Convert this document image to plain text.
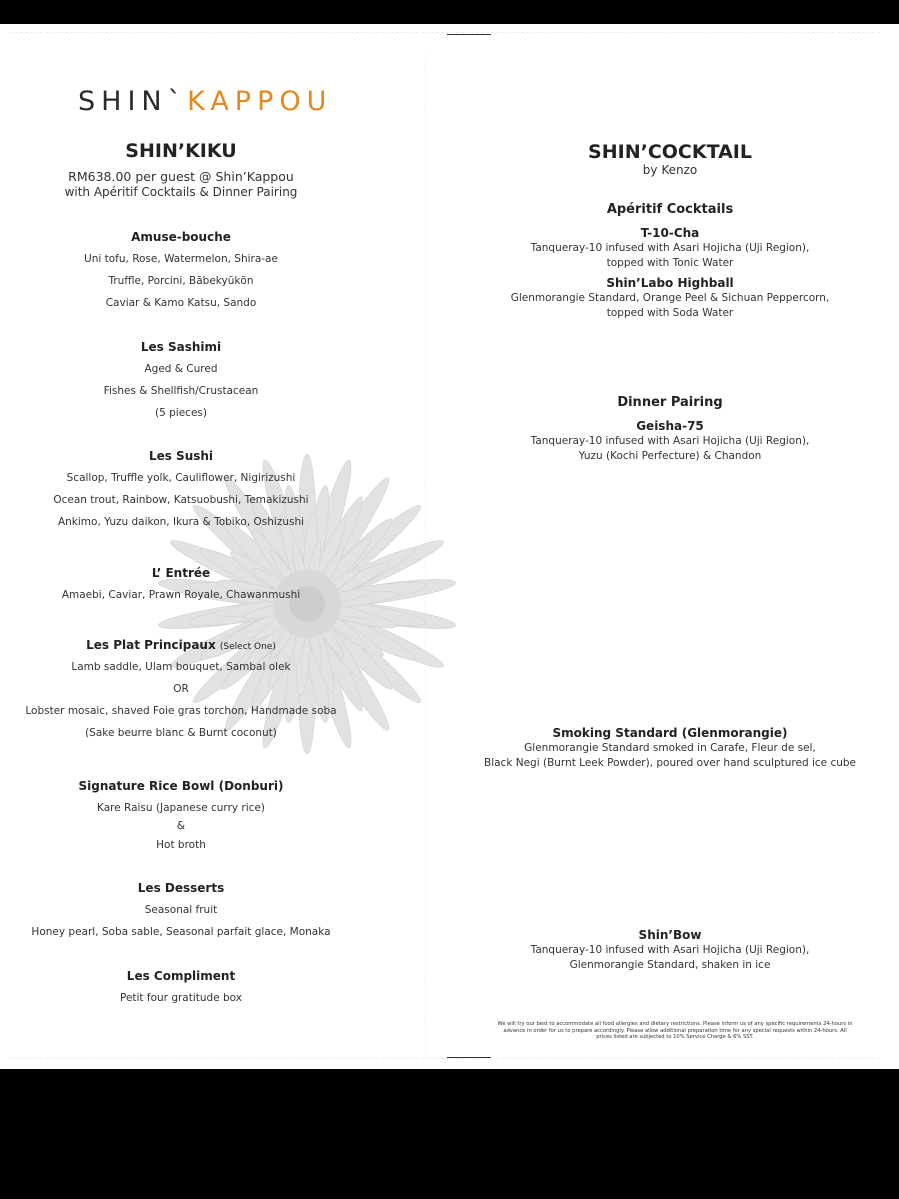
SHIN`KAPPOU
SHIN’KIKU
RM638.00 per guest @ Shin’Kappou
with Apéritif Cocktails & Dinner Pairing
Amuse-bouche
Uni tofu, Rose, Watermelon, Shira-ae
Truffle, Porcini, Bābekyūkōn
Caviar & Kamo Katsu, Sando
Les Sashimi
Aged & Cured
Fishes & Shellfish/Crustacean
(5 pieces)
Les Sushi
Scallop, Truffle yolk, Cauliflower, Nigirizushi
Ocean trout, Rainbow, Katsuobushi, Temakizushi
Ankimo, Yuzu daikon, Ikura & Tobiko, Oshizushi
L’ Entrée
Amaebi, Caviar, Prawn Royale, Chawanmushi
Les Plat Principaux (Select One)
Lamb saddle, Ulam bouquet, Sambal olek
OR
Lobster mosaic, shaved Foie gras torchon, Handmade soba
(Sake beurre blanc & Burnt coconut)
Signature Rice Bowl (Donburi)
Kare Raisu (Japanese curry rice)
&
Hot broth
Les Desserts
Seasonal fruit
Honey pearl, Soba sable, Seasonal parfait glace, Monaka
Les Compliment
Petit four gratitude box
SHIN’COCKTAIL
by Kenzo
Apéritif Cocktails
T-10-Cha
Tanqueray-10 infused with Asari Hojicha (Uji Region),
topped with Tonic Water
Shin’Labo Highball
Glenmorangie Standard, Orange Peel & Sichuan Peppercorn,
topped with Soda Water
Dinner Pairing
Geisha-75
Tanqueray-10 infused with Asari Hojicha (Uji Region),
Yuzu (Kochi Perfecture) & Chandon
Smoking Standard (Glenmorangie)
Glenmorangie Standard smoked in Carafe, Fleur de sel,
Black Negi (Burnt Leek Powder), poured over hand sculptured ice cube
Shin’Bow
Tanqueray-10 infused with Asari Hojicha (Uji Region),
Glenmorangie Standard, shaken in ice
We will try our best to accommodate all food allergies and dietary restrictions. Please inform us of any specific requirements 24-hours in
advance in order for us to prepare accordingly. Please allow additional preparation time for any special requests within 24-hours. All
prices listed are subjected to 10% Service Charge & 6% SST.
